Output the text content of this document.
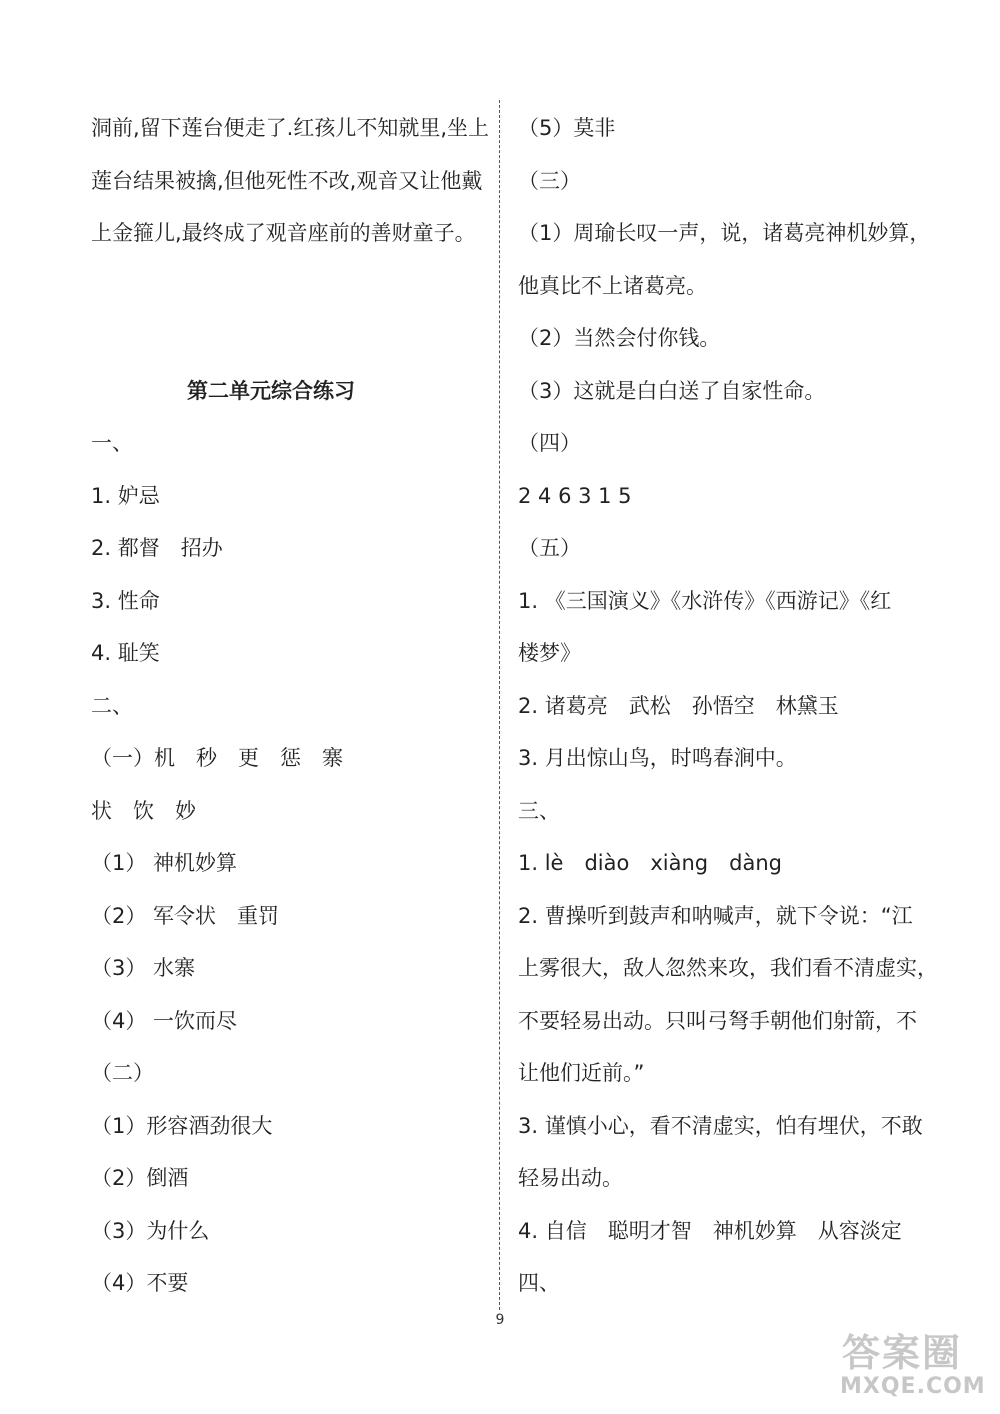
洞前,留下莲台便走了.红孩儿不知就里,坐上
莲台结果被擒,但他死性不改,观音又让他戴
上金箍儿,最终成了观音座前的善财童子。
第二单元综合练习
一、
1. 妒忌
2. 都督　招办
3. 性命
4. 耻笑
二、
（一）机　秒　更　惩　寨
状　饮　妙
（1） 神机妙算
（2） 军令状　重罚
（3） 水寨
（4） 一饮而尽
（二）
（1）形容酒劲很大
（2）倒酒
（3）为什么
（4）不要
（5）莫非
（三）
（1）周瑜长叹一声，说，诸葛亮神机妙算，
他真比不上诸葛亮。
（2）当然会付你钱。
（3）这就是白白送了自家性命。
（四）
2 4 6 3 1 5
（五）
1. 《三国演义》《水浒传》《西游记》《红
楼梦》
2. 诸葛亮　武松　孙悟空　林黛玉
3. 月出惊山鸟，时鸣春涧中。
三、
1. lè　diào　xiàng　dàng
2. 曹操听到鼓声和呐喊声，就下令说：“江
上雾很大，敌人忽然来攻，我们看不清虚实，
不要轻易出动。只叫弓弩手朝他们射箭，不
让他们近前。”
3. 谨慎小心，看不清虚实，怕有埋伏，不敢
轻易出动。
4. 自信　聪明才智　神机妙算　从容淡定
四、
9
答案圈
MXQE.COM
